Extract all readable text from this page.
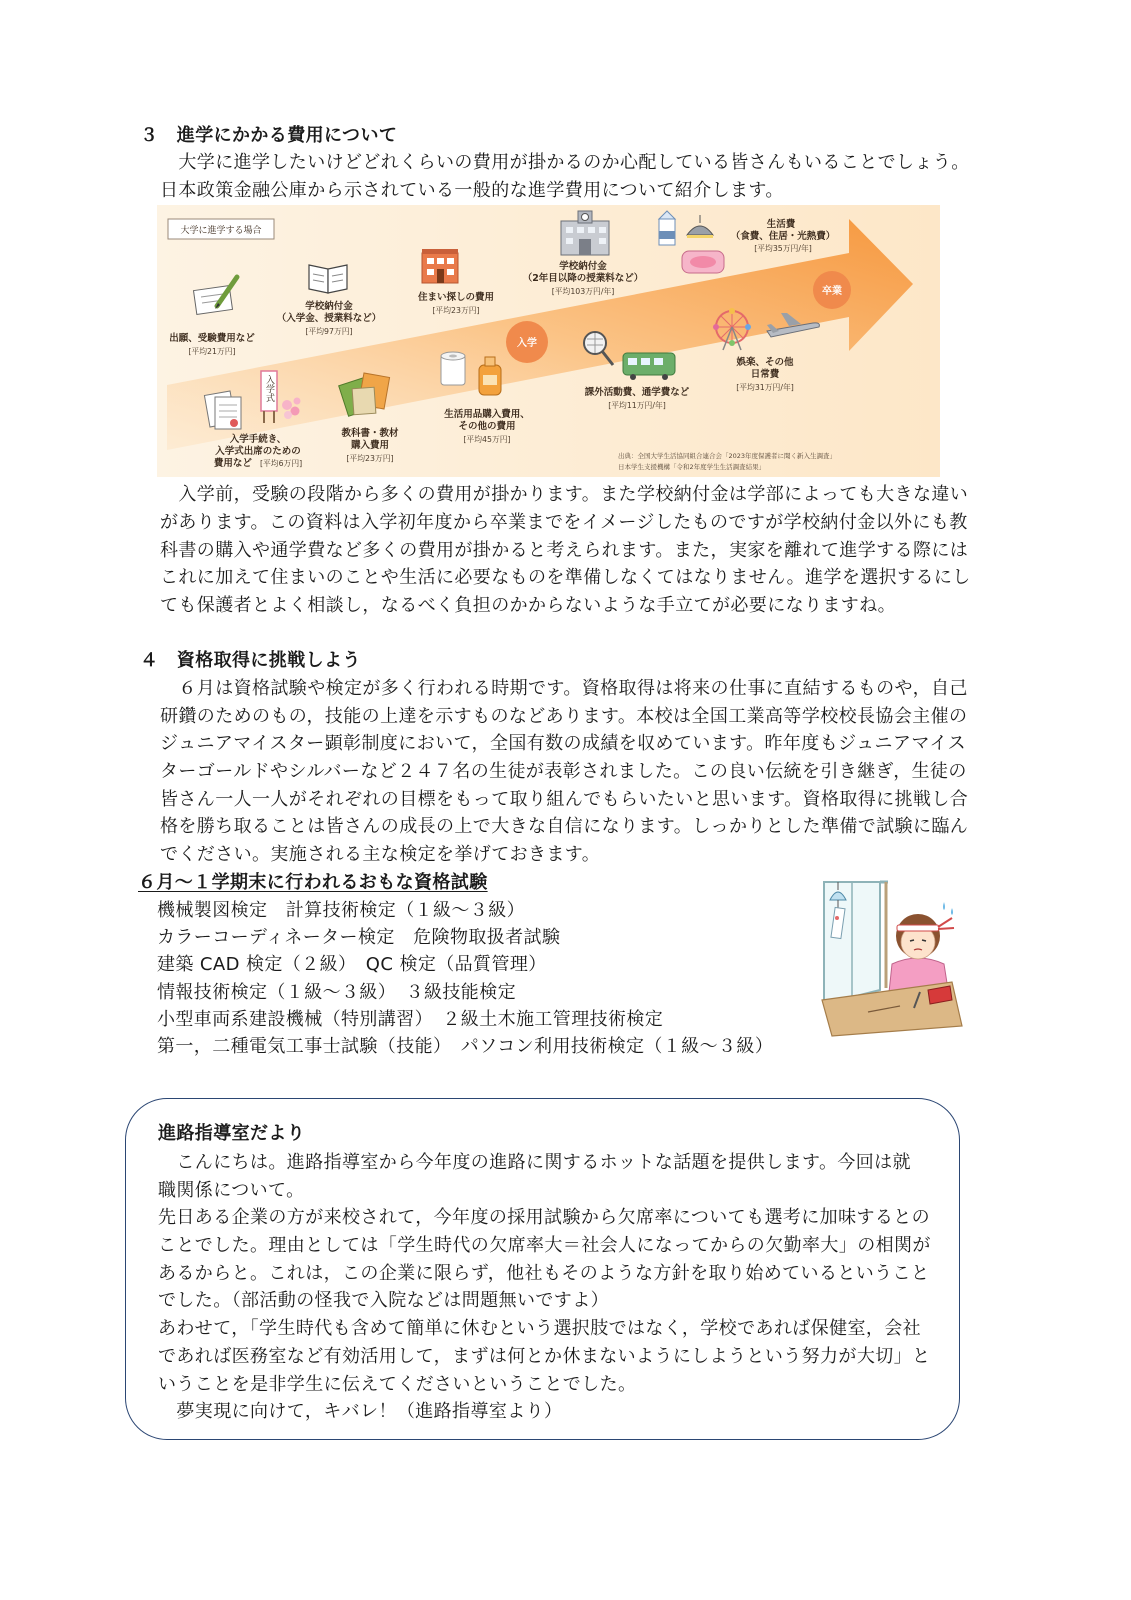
３　進学にかかる費用について
　大学に進学したいけどどれくらいの費用が掛かるのか心配している皆さんもいることでしょう。
日本政策金融公庫から示されている一般的な進学費用について紹介します。
大学に進学する場合
出願、受験費用など
[平均21万円]
学校納付金
（入学金、授業料など）
[平均97万円]
住まい探しの費用
[平均23万円]
学校納付金
（2年目以降の授業料など）
[平均103万円/年]
生活費
（食費、住居・光熱費）
[平均35万円/年]
入学
卒業
入学式
入学手続き、
入学式出席のための
費用など [平均6万円]
教科書・教材
購入費用
[平均23万円]
生活用品購入費用、
その他の費用
[平均45万円]
課外活動費、通学費など
[平均11万円/年]
娯楽、その他
日常費
[平均31万円/年]
出典：全国大学生活協同組合連合会「2023年度保護者に聞く新入生調査」
日本学生支援機構「令和2年度学生生活調査結果」
　入学前，受験の段階から多くの費用が掛かります。また学校納付金は学部によっても大きな違い
があります。この資料は入学初年度から卒業までをイメージしたものですが学校納付金以外にも教
科書の購入や通学費など多くの費用が掛かると考えられます。また，実家を離れて進学する際には
これに加えて住まいのことや生活に必要なものを準備しなくてはなりません。進学を選択するにし
ても保護者とよく相談し，なるべく負担のかからないような手立てが必要になりますね。
４　資格取得に挑戦しよう
　６月は資格試験や検定が多く行われる時期です。資格取得は将来の仕事に直結するものや，自己
研鑽のためのもの，技能の上達を示すものなどあります。本校は全国工業高等学校校長協会主催の
ジュニアマイスター顕彰制度において，全国有数の成績を収めています。昨年度もジュニアマイス
ターゴールドやシルバーなど２４７名の生徒が表彰されました。この良い伝統を引き継ぎ，生徒の
皆さん一人一人がそれぞれの目標をもって取り組んでもらいたいと思います。資格取得に挑戦し合
格を勝ち取ることは皆さんの成長の上で大きな自信になります。しっかりとした準備で試験に臨ん
でください。実施される主な検定を挙げておきます。
６月～１学期末に行われるおもな資格試験
機械製図検定　計算技術検定（１級～３級）
カラーコーディネーター検定　危険物取扱者試験
建築 CAD 検定（２級）　QC 検定（品質管理）
情報技術検定（１級～３級）　３級技能検定
小型車両系建設機械（特別講習）　２級土木施工管理技術検定
第一，二種電気工事士試験（技能）　パソコン利用技術検定（１級～３級）
進路指導室だより
　こんにちは。進路指導室から今年度の進路に関するホットな話題を提供します。今回は就
職関係について。
先日ある企業の方が来校されて，今年度の採用試験から欠席率についても選考に加味するとの
ことでした。理由としては「学生時代の欠席率大＝社会人になってからの欠勤率大」の相関が
あるからと。これは，この企業に限らず，他社もそのような方針を取り始めているということ
でした。（部活動の怪我で入院などは問題無いですよ）
あわせて，「学生時代も含めて簡単に休むという選択肢ではなく，学校であれば保健室，会社
であれば医務室など有効活用して，まずは何とか休まないようにしようという努力が大切」と
いうことを是非学生に伝えてくださいということでした。
　夢実現に向けて，キバレ！（進路指導室より）
